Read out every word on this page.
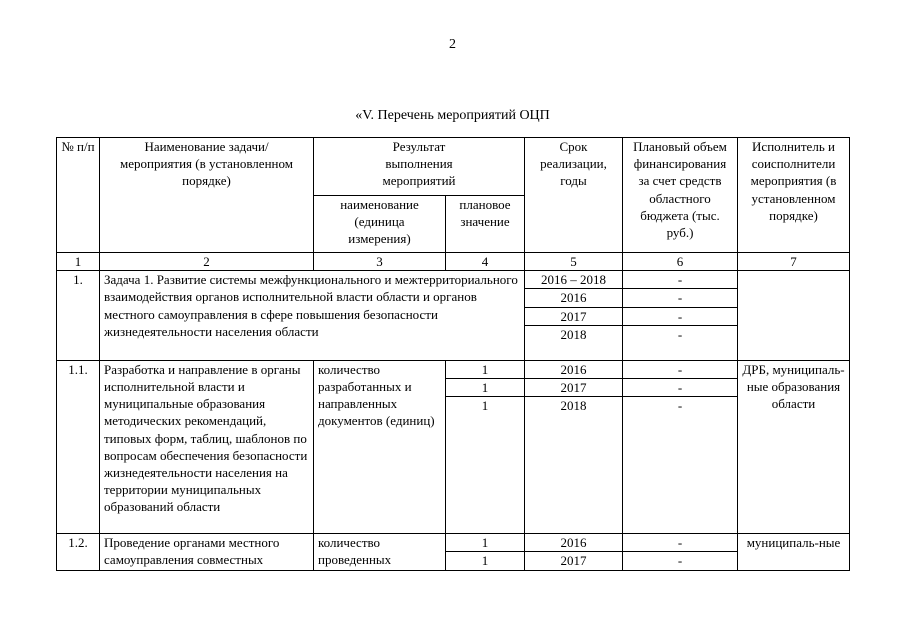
2
«V. Перечень мероприятий ОЦП
№ п/п	Наименование задачи/мероприятия (в установленном порядке)	Результат выполнения мероприятий		Срок реализации, годы	Плановый объем финансирования за счет средств областного бюджета (тыс. руб.)	Исполнитель и соисполнители мероприятия (в установленном порядке)
		наименование (единица измерения)	плановое значение			
1	2	3	4	5	6	7
1.	Задача 1. Развитие системы межфункционального и межтерриториального взаимодействия органов исполнительной власти области и органов местного самоуправления в сфере повышения безопасности жизнедеятельности населения области			2016 – 2018	-	
				2016	-	
				2017	-	
				2018	-	
1.1.	Разработка и направление в органы исполнительной власти и муниципальные образования методических рекомендаций, типовых форм, таблиц, шаблонов по вопросам обеспечения безопасности жизнедеятельности населения на территории муниципальных образований области	количество разработанных и направленных документов (единиц)	1	2016	-	ДРБ, муниципаль-ные образования области
			1	2017	-	
			1	2018	-	
1.2.	Проведение органами местного самоуправления совместных	количество проведенных	1	2016	-	муниципаль-ные
			1	2017	-	
